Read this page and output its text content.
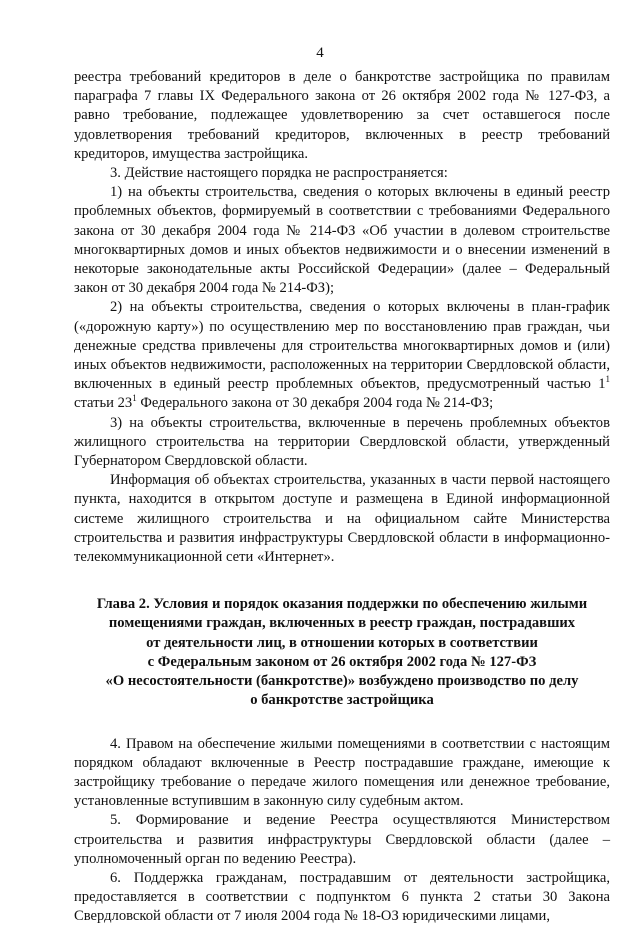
4

реестра требований кредиторов в деле о банкротстве застройщика по правилам параграфа 7 главы IX Федерального закона от 26 октября 2002 года № 127-ФЗ, а равно требование, подлежащее удовлетворению за счет оставшегося после удовлетворения требований кредиторов, включенных в реестр требований кредиторов, имущества застройщика.

3. Действие настоящего порядка не распространяется:

1) на объекты строительства, сведения о которых включены в единый реестр проблемных объектов, формируемый в соответствии с требованиями Федерального закона от 30 декабря 2004 года № 214-ФЗ «Об участии в долевом строительстве многоквартирных домов и иных объектов недвижимости и о внесении изменений в некоторые законодательные акты Российской Федерации» (далее – Федеральный закон от 30 декабря 2004 года № 214-ФЗ);

2) на объекты строительства, сведения о которых включены в план-график («дорожную карту») по осуществлению мер по восстановлению прав граждан, чьи денежные средства привлечены для строительства многоквартирных домов и (или) иных объектов недвижимости, расположенных на территории Свердловской области, включенных в единый реестр проблемных объектов, предусмотренный частью $1^1$ статьи $23^1$ Федерального закона от 30 декабря 2004 года № 214-ФЗ;

3) на объекты строительства, включенные в перечень проблемных объектов жилищного строительства на территории Свердловской области, утвержденный Губернатором Свердловской области.

Информация об объектах строительства, указанных в части первой настоящего пункта, находится в открытом доступе и размещена в Единой информационной системе жилищного строительства и на официальном сайте Министерства строительства и развития инфраструктуры Свердловской области в информационно-телекоммуникационной сети «Интернет».

Глава 2. Условия и порядок оказания поддержки по обеспечению жилыми
помещениями граждан, включенных в реестр граждан, пострадавших
от деятельности лиц, в отношении которых в соответствии
с Федеральным законом от 26 октября 2002 года № 127-ФЗ
«О несостоятельности (банкротстве)» возбуждено производство по делу
о банкротстве застройщика

4. Правом на обеспечение жилыми помещениями в соответствии с настоящим порядком обладают включенные в Реестр пострадавшие граждане, имеющие к застройщику требование о передаче жилого помещения или денежное требование, установленные вступившим в законную силу судебным актом.

5. Формирование и ведение Реестра осуществляются Министерством строительства и развития инфраструктуры Свердловской области (далее – уполномоченный орган по ведению Реестра).

6. Поддержка гражданам, пострадавшим от деятельности застройщика, предоставляется в соответствии с подпунктом 6 пункта 2 статьи 30 Закона Свердловской области от 7 июля 2004 года № 18-ОЗ юридическими лицами,
